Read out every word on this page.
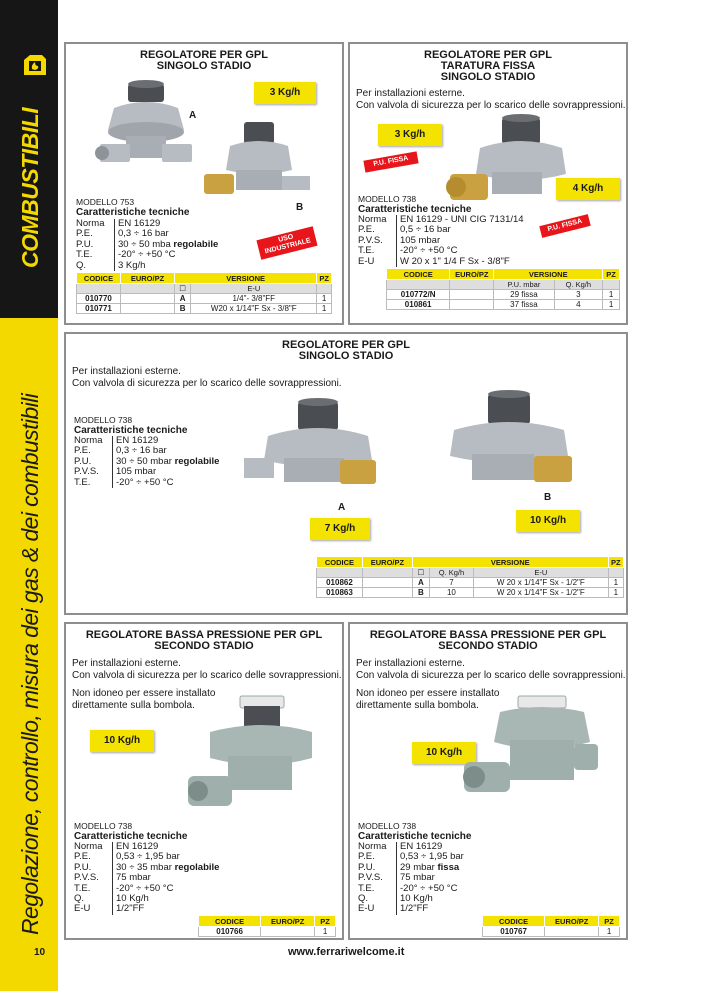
COMBUSTIBILI
Regolazione, controllo, misura dei gas & dei combustibili
10	www.ferrariwelcome.it
REGOLATORE PER GPL
SINGOLO STADIO
3 Kg/h
A
B
USO INDUSTRIALE
MODELLO 753
Caratteristiche tecniche
Norma	EN 16129
P.E.	0,3 ÷ 16 bar
P.U.	30 ÷ 50 mba regolabile
T.E.	-20° ÷ +50 °C
Q.	3 Kg/h
CODICE	EURO/PZ	VERSIONE		PZ
		☐	E-U	
010770		A	1/4"- 3/8"FF	1
010771		B	W20 x 1/14"F Sx - 3/8"F	1
REGOLATORE PER GPL
TARATURA FISSA
SINGOLO STADIO
Per installazioni esterne.
Con valvola di sicurezza per lo scarico delle sovrappressioni.
3 Kg/h
P.U. FISSA
4 Kg/h
P.U. FISSA
MODELLO 738
Caratteristiche tecniche
Norma	EN 16129 - UNI CIG 7131/14
P.E.	0,5 ÷ 16 bar
P.V.S.	105 mbar
T.E.	-20° ÷ +50 °C
E-U	W 20 x 1" 1/4 F Sx - 3/8"F
CODICE	EURO/PZ	VERSIONE		PZ
		P.U. mbar	Q. Kg/h	
010772/N		29 fissa	3	1
010861		37 fissa	4	1
REGOLATORE PER GPL
SINGOLO STADIO
Per installazioni esterne.
Con valvola di sicurezza per lo scarico delle sovrappressioni.
MODELLO 738
Caratteristiche tecniche
Norma	EN 16129
P.E.	0,3 ÷ 16 bar
P.U.	30 ÷ 50 mbar regolabile
P.V.S.	105 mbar
T.E.	-20° ÷ +50 °C
A
7 Kg/h
B
10 Kg/h
CODICE	EURO/PZ	VERSIONE			PZ
		☐	Q. Kg/h	E-U	
010862		A	7	W 20 x 1/14"F Sx - 1/2"F	1
010863		B	10	W 20 x 1/14"F Sx - 1/2"F	1
REGOLATORE BASSA PRESSIONE PER GPL
SECONDO STADIO
Per installazioni esterne.
Con valvola di sicurezza per lo scarico delle sovrappressioni.
Non idoneo per essere installato
direttamente sulla bombola.
10 Kg/h
MODELLO 738
Caratteristiche tecniche
Norma	EN 16129
P.E.	0,53 ÷ 1,95 bar
P.U.	30 ÷ 35 mbar regolabile
P.V.S.	75 mbar
T.E.	-20° ÷ +50 °C
Q.	10 Kg/h
E-U	1/2"FF
CODICE	EURO/PZ	PZ
010766		1
REGOLATORE BASSA PRESSIONE PER GPL
SECONDO STADIO
Per installazioni esterne.
Con valvola di sicurezza per lo scarico delle sovrappressioni.
Non idoneo per essere installato
direttamente sulla bombola.
10 Kg/h
MODELLO 738
Caratteristiche tecniche
Norma	EN 16129
P.E.	0,53 ÷ 1,95 bar
P.U.	29 mbar fissa
P.V.S.	75 mbar
T.E.	-20° ÷ +50 °C
Q.	10 Kg/h
E-U	1/2"FF
CODICE	EURO/PZ	PZ
010767		1
